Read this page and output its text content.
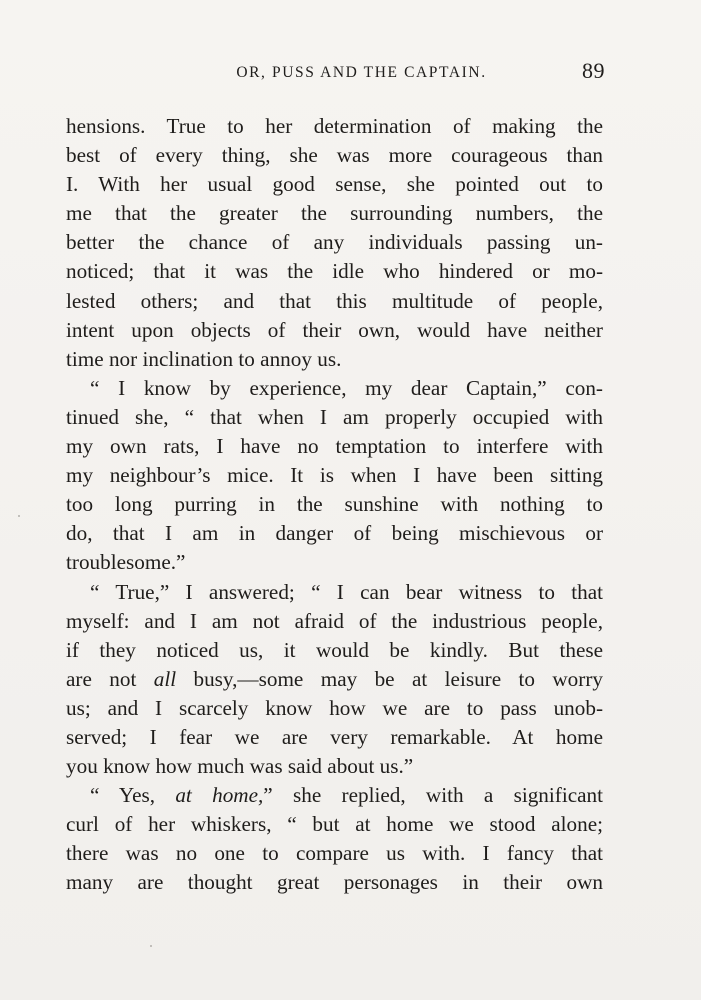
OR, PUSS AND THE CAPTAIN.	89
hensions. True to her determination of making the
best of every thing, she was more courageous than
I. With her usual good sense, she pointed out to
me that the greater the surrounding numbers, the
better the chance of any individuals passing un-
noticed; that it was the idle who hindered or mo-
lested others; and that this multitude of people,
intent upon objects of their own, would have neither
time nor inclination to annoy us.
“ I know by experience, my dear Captain,” con-
tinued she, “ that when I am properly occupied with
my own rats, I have no temptation to interfere with
my neighbour’s mice. It is when I have been sitting
too long purring in the sunshine with nothing to
do, that I am in danger of being mischievous or
troublesome.”
“ True,” I answered; “ I can bear witness to that
myself: and I am not afraid of the industrious people,
if they noticed us, it would be kindly. But these
are not all busy,—some may be at leisure to worry
us; and I scarcely know how we are to pass unob-
served; I fear we are very remarkable. At home
you know how much was said about us.”
“ Yes, at home,” she replied, with a significant
curl of her whiskers, “ but at home we stood alone;
there was no one to compare us with. I fancy that
many are thought great personages in their own
